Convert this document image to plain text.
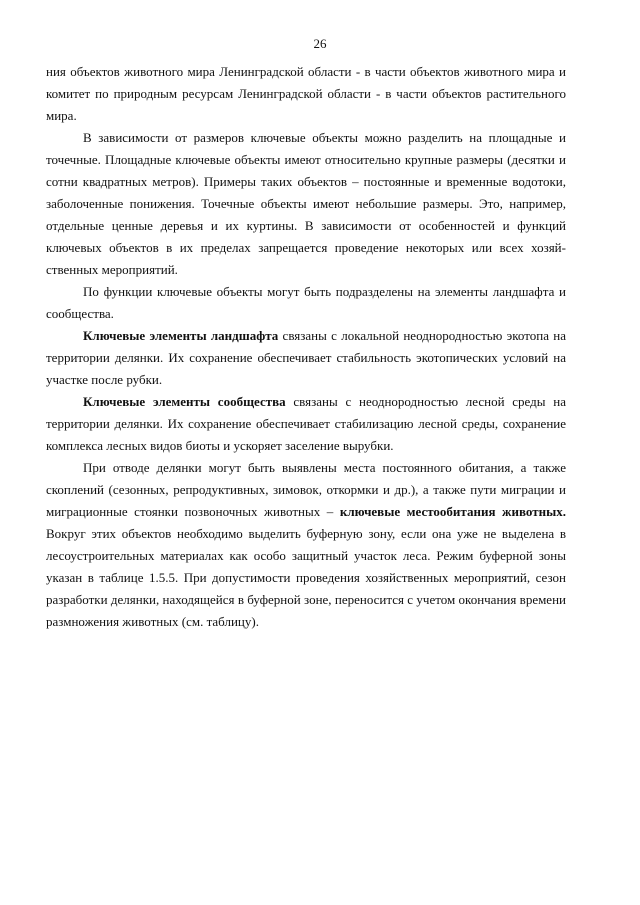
26

ния объектов животного мира Ленинградской области - в части объектов животного мира и комитет по природным ресурсам Ленинградской области - в части объектов растительного мира.

В зависимости от размеров ключевые объекты можно разделить на площадные и точечные. Площадные ключевые объекты имеют относительно крупные размеры (десятки и сотни квадратных метров). Примеры таких объектов – постоянные и временные водотоки, заболоченные понижения. Точечные объекты имеют небольшие размеры. Это, например, отдельные ценные деревья и их куртины. В зависимости от особенностей и функций ключевых объектов в их пределах запрещается проведение некоторых или всех хозяйственных мероприятий.

По функции ключевые объекты могут быть подразделены на элементы ландшафта и сообщества.

Ключевые элементы ландшафта связаны с локальной неоднородностью экотопа на территории делянки. Их сохранение обеспечивает стабильность экотопических условий на участке после рубки.

Ключевые элементы сообщества связаны с неоднородностью лесной среды на территории делянки. Их сохранение обеспечивает стабилизацию лесной среды, сохранение комплекса лесных видов биоты и ускоряет заселение вырубки.

При отводе делянки могут быть выявлены места постоянного обитания, а также скоплений (сезонных, репродуктивных, зимовок, откормки и др.), а также пути миграции и миграционные стоянки позвоночных животных – ключевые местообитания животных. Вокруг этих объектов необходимо выделить буферную зону, если она уже не выделена в лесоустроительных материалах как особо защитный участок леса. Режим буферной зоны указан в таблице 1.5.5. При допустимости проведения хозяйственных мероприятий, сезон разработки делянки, находящейся в буферной зоне, переносится с учетом окончания времени размножения животных (см. таблицу).
